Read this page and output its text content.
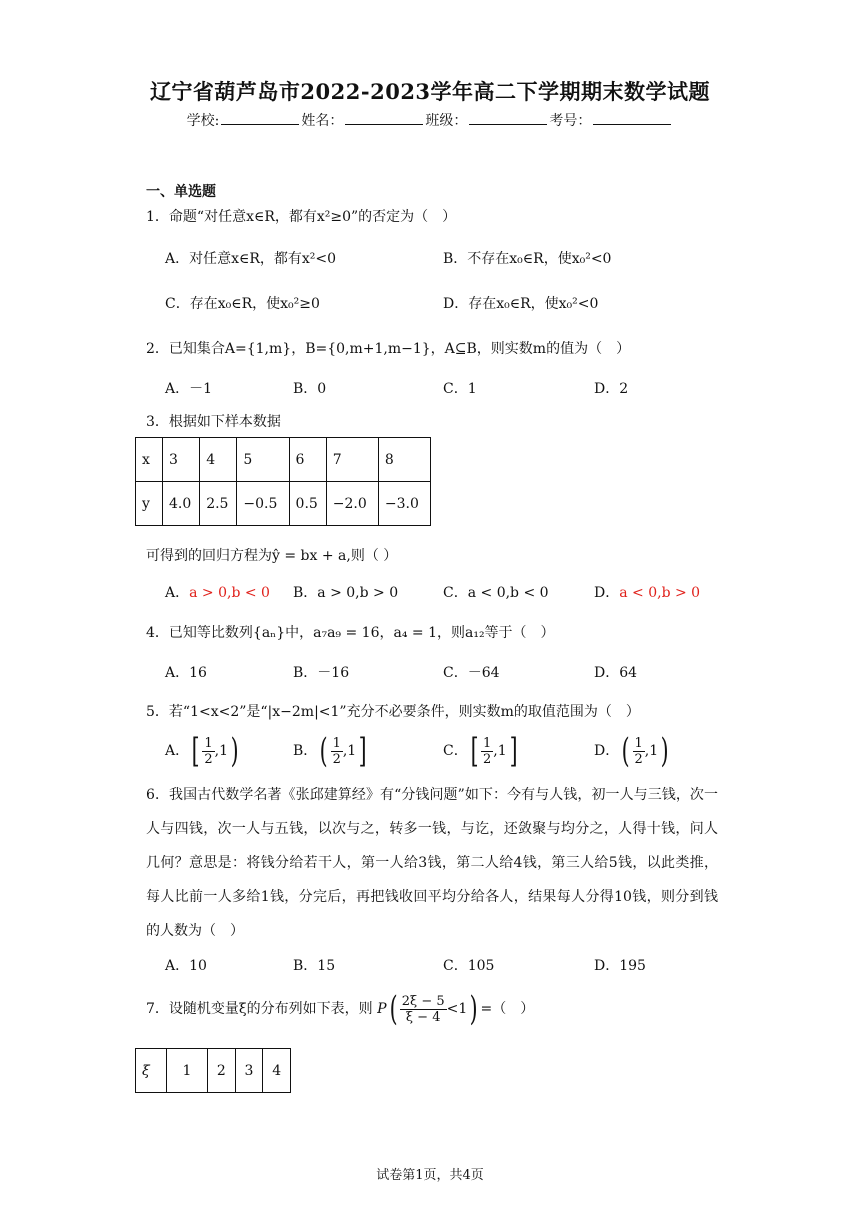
辽宁省葫芦岛市2022-2023学年高二下学期期末数学试题
学校:	姓名：	班级：	考号：
一、单选题
1．命题“对任意x∈R，都有x²≥0”的否定为（　）
A．对任意x∈R，都有x²<0	B．不存在x₀∈R，使x₀²<0
C．存在x₀∈R，使x₀²≥0	D．存在x₀∈R，使x₀²<0
2．已知集合A={1,m}，B={0,m+1,m−1}，A⊆B，则实数m的值为（　）
A．－1	B．0	C．1	D．2
3．根据如下样本数据
x	3	4	5	6	7	8
y	4.0	2.5	−0.5	0.5	−2.0	−3.0
可得到的回归方程为ŷ = bx + a,则（ ）
A．a > 0,b < 0 B．a > 0,b > 0	C．a < 0,b < 0	D．a < 0,b > 0
4．已知等比数列{aₙ}中，a₇a₉ = 16，a₄ = 1，则a₁₂等于（　）
A．16	B．－16	C．－64	D．64
5．若“1<x<2”是“|x−2m|<1”充分不必要条件，则实数m的取值范围为（　）
A．[ $\frac{1}{2} ,1$)	B．( $\frac{1}{2} ,1$]	C．[ $\frac{1}{2} ,1$]	D．( $\frac{1}{2} ,1$)
6．我国古代数学名著《张邱建算经》有“分钱问题”如下：今有与人钱，初一人与三钱，次一人与四钱，次一人与五钱，以次与之，转多一钱，与讫，还敛聚与均分之，人得十钱，问人几何？意思是：将钱分给若干人，第一人给3钱，第二人给4钱，第三人给5钱，以此类推，每人比前一人多给1钱，分完后，再把钱收回平均分给各人，结果每人分得10钱，则分到钱的人数为（　）
A．10	B．15	C．105	D．195
7．设随机变量ξ的分布列如下表，则 $P( \frac{2\xi - 5}{\xi - 4} <1)$ =（　）
ξ	1	2	3	4
试卷第1页，共4页
